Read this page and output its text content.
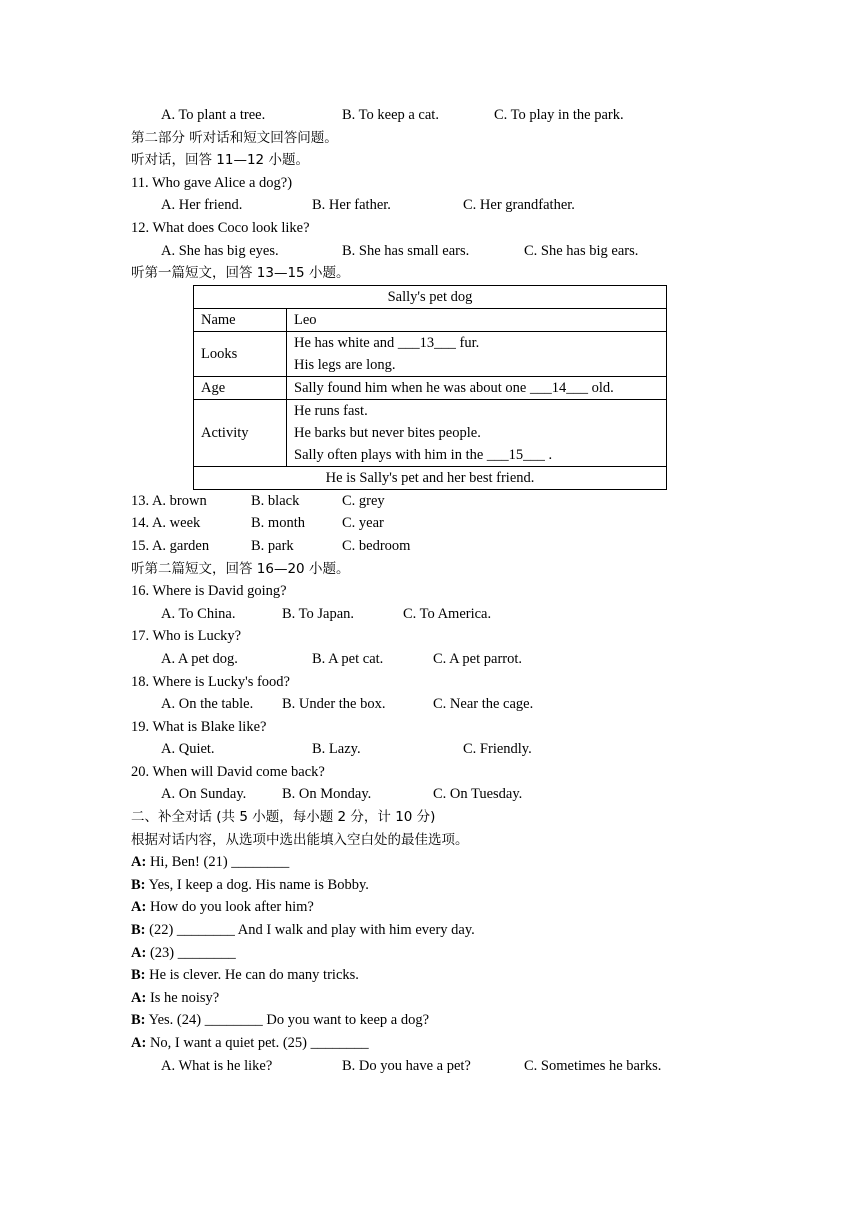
A. To plant a tree.	B. To keep a cat.	C. To play in the park.
第二部分 听对话和短文回答问题。
听对话，回答 11—12 小题。
11. Who gave Alice a dog?)
A. Her friend.	B. Her father.	C. Her grandfather.
12. What does Coco look like?
A. She has big eyes.	B. She has small ears.	C. She has big ears.
听第一篇短文，回答 13—15 小题。
Sally's pet dog	
Name	Leo
Looks	He has white and ___13___ fur.
His legs are long.

Age	Sally found him when he was about one ___14___ old.
Activity	He runs fast.
He barks but never bites people.
Sally often plays with him in the ___15___ .

He is Sally's pet and her best friend.	
13. A. brown	B. black	C. grey
14. A. week	B. month	C. year
15. A. garden	B. park	C. bedroom
听第二篇短文，回答 16—20 小题。
16. Where is David going?
A. To China.	B. To Japan.	C. To America.
17. Who is Lucky?
A. A pet dog.	B. A pet cat.	C. A pet parrot.
18. Where is Lucky's food?
A. On the table. B. Under the box.	C. Near the cage.
19. What is Blake like?
A. Quiet.	B. Lazy.	C. Friendly.
20. When will David come back?
A. On Sunday. B. On Monday.	C. On Tuesday.
二、补全对话 (共 5 小题，每小题 2 分，计 10 分)
根据对话内容，从选项中选出能填入空白处的最佳选项。
A: Hi, Ben! (21) ________
B: Yes, I keep a dog. His name is Bobby.
A: How do you look after him?
B: (22) ________ And I walk and play with him every day.
A: (23) ________
B: He is clever. He can do many tricks.
A: Is he noisy?
B: Yes. (24) ________ Do you want to keep a dog?
A: No, I want a quiet pet. (25) ________
A. What is he like?	B. Do you have a pet?	C. Sometimes he barks.
